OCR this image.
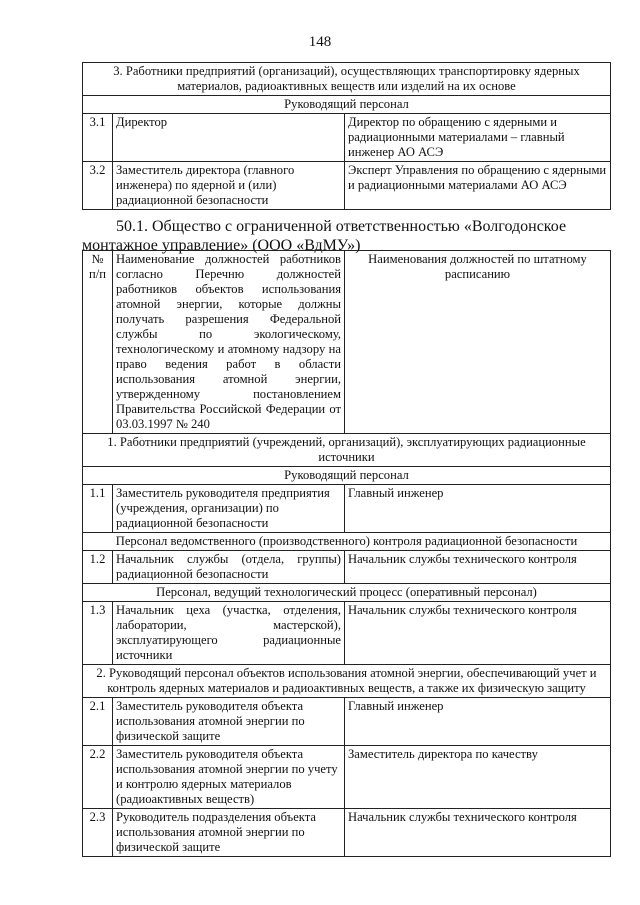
148
3. Работники предприятий (организаций), осуществляющих транспортировку ядерных материалов, радиоактивных веществ или изделий на их основе		
Руководящий персонал		
3.1	Директор	Директор по обращению с ядерными и радиационными материалами – главный инженер АО АСЭ
3.2	Заместитель директора (главного инженера) по ядерной и (или) радиационной безопасности	Эксперт Управления по обращению с ядерными и радиационными материалами АО АСЭ
50.1. Общество с ограниченной ответственностью «Волгодонское монтажное управление» (ООО «ВдМУ»)
№ п/п	Наименование должностей работников согласно Перечню должностей работников объектов использования атомной энергии, которые должны получать разрешения Федеральной службы по экологическому, технологическому и атомному надзору на право ведения работ в области использования атомной энергии, утвержденному постановлением Правительства Российской Федерации от 03.03.1997 № 240	Наименования должностей по штатному расписанию
1. Работники предприятий (учреждений, организаций), эксплуатирующих радиационные источники		
Руководящий персонал		
1.1	Заместитель руководителя предприятия (учреждения, организации) по радиационной безопасности	Главный инженер
Персонал ведомственного (производственного) контроля радиационной безопасности		
1.2	Начальник службы (отдела, группы) радиационной безопасности	Начальник службы технического контроля
Персонал, ведущий технологический процесс (оперативный персонал)		
1.3	Начальник цеха (участка, отделения, лаборатории, мастерской), эксплуатирующего радиационные источники	Начальник службы технического контроля
2. Руководящий персонал объектов использования атомной энергии, обеспечивающий учет и контроль ядерных материалов и радиоактивных веществ, а также их физическую защиту		
2.1	Заместитель руководителя объекта использования атомной энергии по физической защите	Главный инженер
2.2	Заместитель руководителя объекта использования атомной энергии по учету и контролю ядерных материалов (радиоактивных веществ)	Заместитель директора по качеству
2.3	Руководитель подразделения объекта использования атомной энергии по физической защите	Начальник службы технического контроля
